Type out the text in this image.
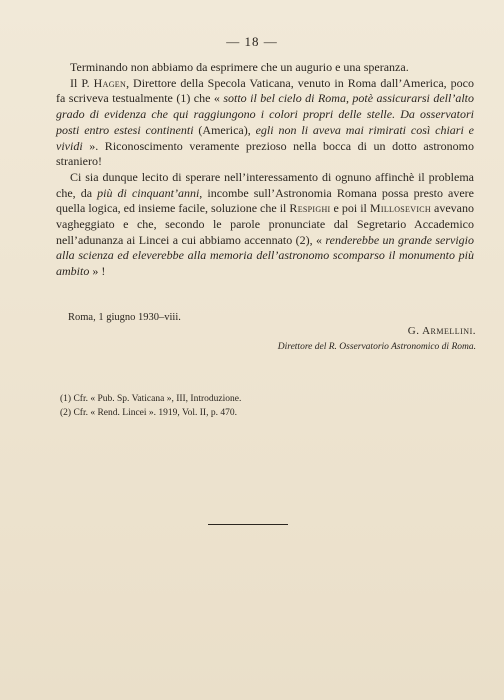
— 18 —

Terminando non abbiamo da esprimere che un augurio e una speranza.

Il P. Hagen, Direttore della Specola Vaticana, venuto in Roma dall’America, poco fa scriveva testualmente (1) che « sotto il bel cielo di Roma, potè assicurarsi dell’alto grado di evidenza che qui raggiungono i colori propri delle stelle. Da osservatori posti entro estesi continenti (America), egli non li aveva mai rimirati così chiari e vividi ». Riconoscimento veramente prezioso nella bocca di un dotto astronomo straniero!

Ci sia dunque lecito di sperare nell’interessamento di ognuno affinchè il problema che, da più di cinquant’anni, incombe sull’Astronomia Romana possa presto avere quella logica, ed insieme facile, soluzione che il Respighi e poi il Millosevich avevano vagheggiato e che, secondo le parole pronunciate dal Segretario Accademico nell’adunanza ai Lincei a cui abbiamo accennato (2), « renderebbe un grande servigio alla scienza ed eleverebbe alla memoria dell’astronomo scomparso il monumento più ambito » !

Roma, 1 giugno 1930–viii.
G. Armellini.
Direttore del R. Osservatorio Astronomico di Roma.
(1) Cfr. « Pub. Sp. Vaticana », III, Introduzione.
(2) Cfr. « Rend. Lincei ». 1919, Vol. II, p. 470.
